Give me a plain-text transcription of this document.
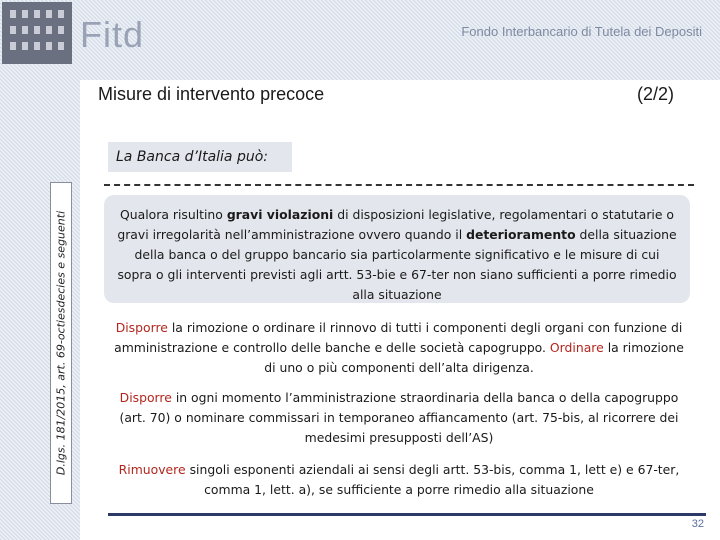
Fitd	Fondo Interbancario di Tutela dei Depositi
Misure di intervento precoce	(2/2)
D.lgs. 181/2015, art. 69-octiesdecies e seguenti
La Banca d’Italia può:
Qualora risultino gravi violazioni di disposizioni legislative, regolamentari o statutarie o gravi irregolarità nell’amministrazione ovvero quando il deterioramento della situazione della banca o del gruppo bancario sia particolarmente significativo e le misure di cui sopra o gli interventi previsti agli artt. 53-bie e 67-ter non siano sufficienti a porre rimedio alla situazione
Disporre la rimozione o ordinare il rinnovo di tutti i componenti degli organi con funzione di amministrazione e controllo delle banche e delle società capogruppo. Ordinare la rimozione di uno o più componenti dell’alta dirigenza.
Disporre in ogni momento l’amministrazione straordinaria della banca o della capogruppo (art. 70) o nominare commissari in temporaneo affiancamento (art. 75-bis, al ricorrere dei medesimi presupposti dell’AS)
Rimuovere singoli esponenti aziendali ai sensi degli artt. 53-bis, comma 1, lett e) e 67-ter, comma 1, lett. a), se sufficiente a porre rimedio alla situazione
32
